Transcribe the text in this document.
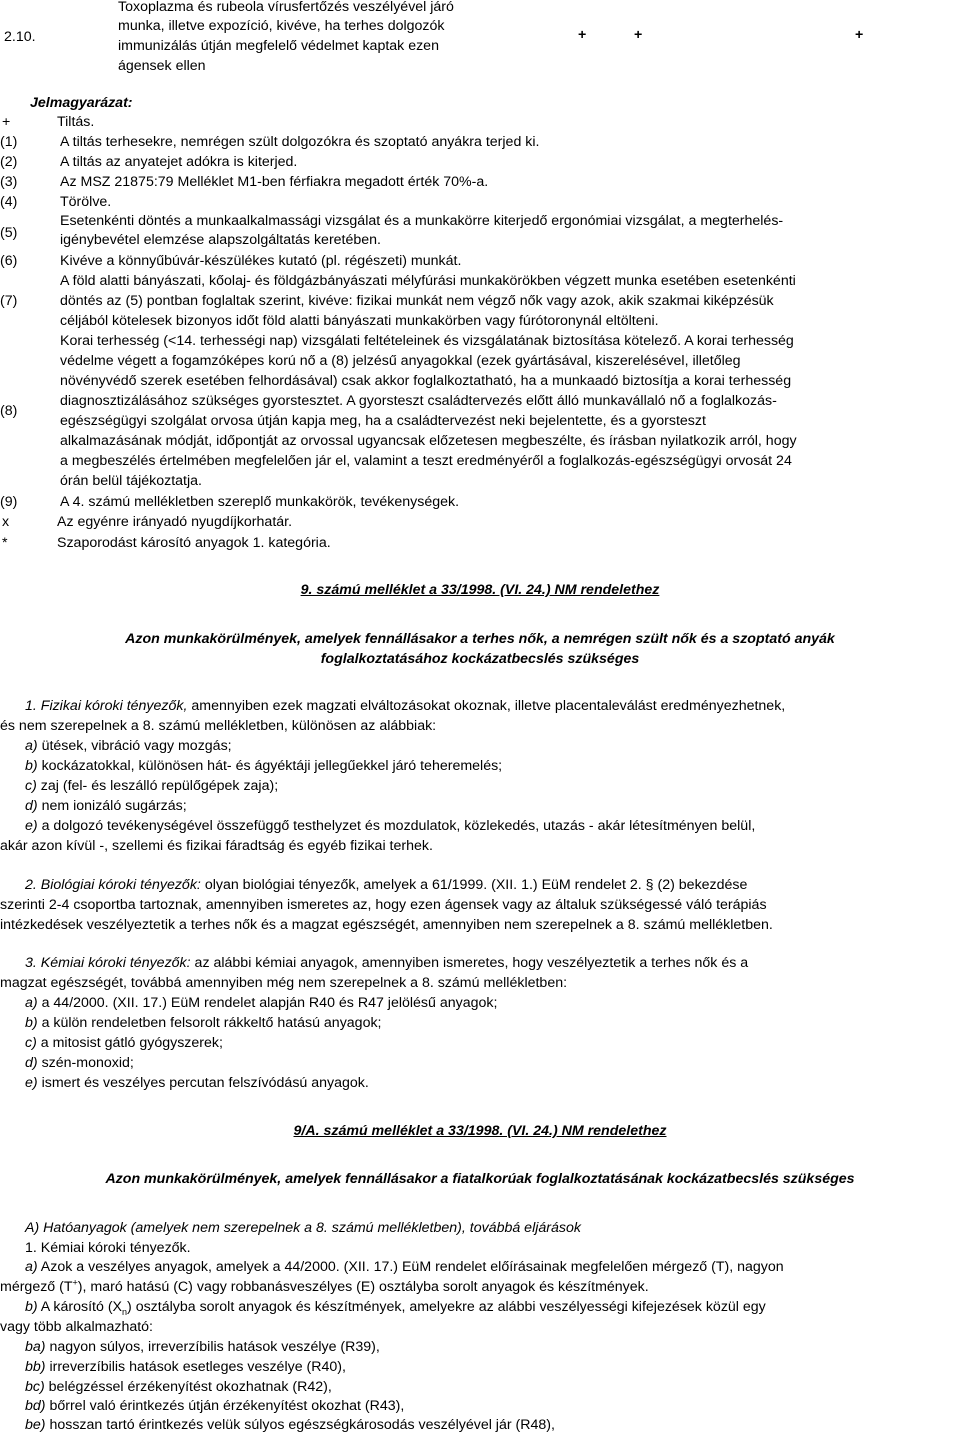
2.10.
Toxoplazma és rubeola vírusfertőzés veszélyével járó
munka, illetve expozíció, kivéve, ha terhes dolgozók
immunizálás útján megfelelő védelmet kaptak ezen
ágensek ellen
+	+	+
Jelmagyarázat:
+	Tiltás.
(1)	A tiltás terhesekre, nemrégen szült dolgozókra és szoptató anyákra terjed ki.
(2)	A tiltás az anyatejet adókra is kiterjed.
(3)	Az MSZ 21875:79 Melléklet M1-ben férfiakra megadott érték 70%-a.
(4)	Törölve.
(5)
Esetenkénti döntés a munkaalkalmassági vizsgálat és a munkakörre kiterjedő ergonómiai vizsgálat, a megterhelés-
igénybevétel elemzése alapszolgáltatás keretében.
(6)	Kivéve a könnyűbúvár-készülékes kutató (pl. régészeti) munkát.
(7)
A föld alatti bányászati, kőolaj- és földgázbányászati mélyfúrási munkakörökben végzett munka esetében esetenkénti
döntés az (5) pontban foglaltak szerint, kivéve: fizikai munkát nem végző nők vagy azok, akik szakmai kiképzésük
céljából kötelesek bizonyos időt föld alatti bányászati munkakörben vagy fúrótoronynál eltölteni.
(8)
Korai terhesség (<14. terhességi nap) vizsgálati feltételeinek és vizsgálatának biztosítása kötelező. A korai terhesség
védelme végett a fogamzóképes korú nő a (8) jelzésű anyagokkal (ezek gyártásával, kiszerelésével, illetőleg
növényvédő szerek esetében felhordásával) csak akkor foglalkoztatható, ha a munkaadó biztosítja a korai terhesség
diagnosztizálásához szükséges gyorstesztet. A gyorsteszt családtervezés előtt álló munkavállaló nő a foglalkozás-
egészségügyi szolgálat orvosa útján kapja meg, ha a családtervezést neki bejelentette, és a gyorsteszt
alkalmazásának módját, időpontját az orvossal ugyancsak előzetesen megbeszélte, és írásban nyilatkozik arról, hogy
a megbeszélés értelmében megfelelően jár el, valamint a teszt eredményéről a foglalkozás-egészségügyi orvosát 24
órán belül tájékoztatja.
(9)	A 4. számú mellékletben szereplő munkakörök, tevékenységek.
x	Az egyénre irányadó nyugdíjkorhatár.
*	Szaporodást károsító anyagok 1. kategória.
9. számú melléklet a 33/1998. (VI. 24.) NM rendelethez
Azon munkakörülmények, amelyek fennállásakor a terhes nők, a nemrégen szült nők és a szoptató anyák
foglalkoztatásához kockázatbecslés szükséges
1. Fizikai kóroki tényezők, amennyiben ezek magzati elváltozásokat okoznak, illetve placentaleválást eredményezhetnek,
és nem szerepelnek a 8. számú mellékletben, különösen az alábbiak:
a) ütések, vibráció vagy mozgás;
b) kockázatokkal, különösen hát- és ágyéktáji jellegűekkel járó teheremelés;
c) zaj (fel- és leszálló repülőgépek zaja);
d) nem ionizáló sugárzás;
e) a dolgozó tevékenységével összefüggő testhelyzet és mozdulatok, közlekedés, utazás - akár létesítményen belül,
akár azon kívül -, szellemi és fizikai fáradtság és egyéb fizikai terhek.
2. Biológiai kóroki tényezők: olyan biológiai tényezők, amelyek a 61/1999. (XII. 1.) EüM rendelet 2. § (2) bekezdése
szerinti 2-4 csoportba tartoznak, amennyiben ismeretes az, hogy ezen ágensek vagy az általuk szükségessé váló terápiás
intézkedések veszélyeztetik a terhes nők és a magzat egészségét, amennyiben nem szerepelnek a 8. számú mellékletben.
3. Kémiai kóroki tényezők: az alábbi kémiai anyagok, amennyiben ismeretes, hogy veszélyeztetik a terhes nők és a
magzat egészségét, továbbá amennyiben még nem szerepelnek a 8. számú mellékletben:
a) a 44/2000. (XII. 17.) EüM rendelet alapján R40 és R47 jelölésű anyagok;
b) a külön rendeletben felsorolt rákkeltő hatású anyagok;
c) a mitosist gátló gyógyszerek;
d) szén-monoxid;
e) ismert és veszélyes percutan felszívódású anyagok.
9/A. számú melléklet a 33/1998. (VI. 24.) NM rendelethez
Azon munkakörülmények, amelyek fennállásakor a fiatalkorúak foglalkoztatásának kockázatbecslés szükséges
A) Hatóanyagok (amelyek nem szerepelnek a 8. számú mellékletben), továbbá eljárások
1. Kémiai kóroki tényezők.
a) Azok a veszélyes anyagok, amelyek a 44/2000. (XII. 17.) EüM rendelet előírásainak megfelelően mérgező (T), nagyon
mérgező (T+), maró hatású (C) vagy robbanásveszélyes (E) osztályba sorolt anyagok és készítmények.
b) A károsító $(X_n)$ osztályba sorolt anyagok és készítmények, amelyekre az alábbi veszélyességi kifejezések közül egy
vagy több alkalmazható:
ba) nagyon súlyos, irreverzíbilis hatások veszélye (R39),
bb) irreverzíbilis hatások esetleges veszélye (R40),
bc) belégzéssel érzékenyítést okozhatnak (R42),
bd) bőrrel való érintkezés útján érzékenyítést okozhat (R43),
be) hosszan tartó érintkezés velük súlyos egészségkárosodás veszélyével jár (R48),
